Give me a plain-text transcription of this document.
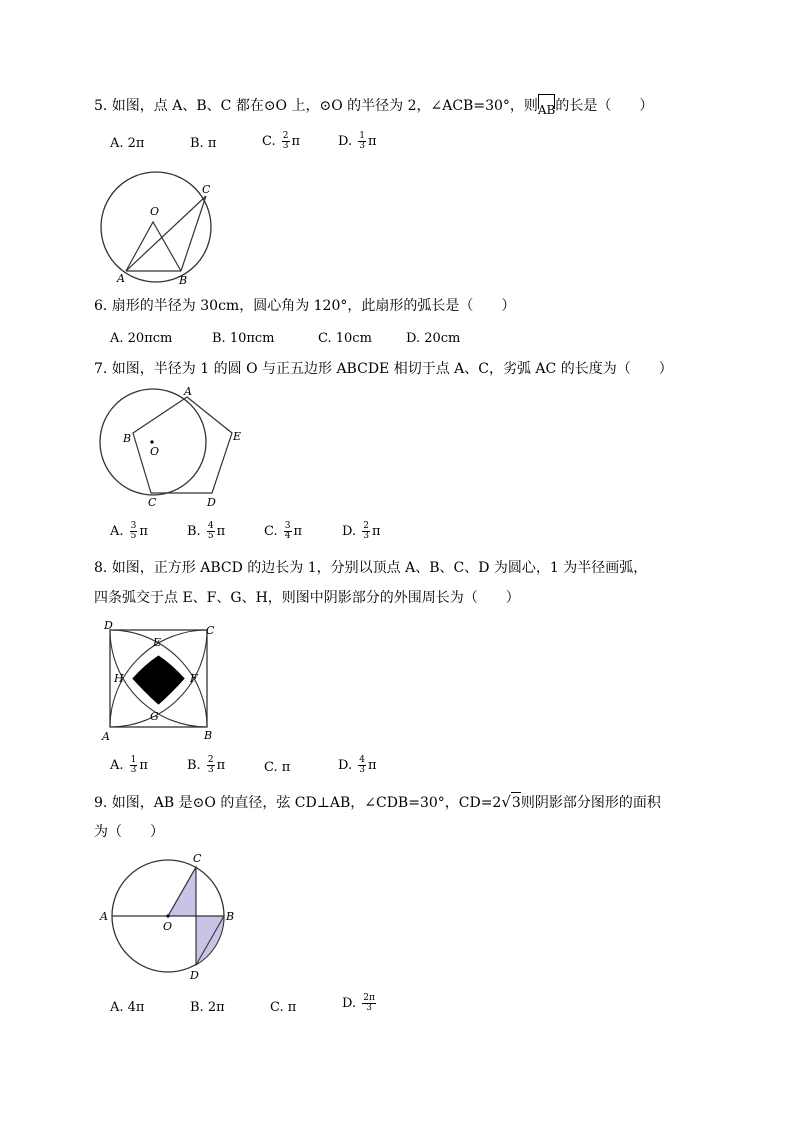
5. 如图，点 A、B、C 都在⊙O 上，⊙O 的半径为 2，∠ACB=30°，则AB的长是（　　）
A. 2π	B. π	C. $\frac{2}{3}$ π	D. $\frac{1}{3}$ π
O
A	B
C
6. 扇形的半径为 30cm，圆心角为 120°，此扇形的弧长是（　　）
A. 20πcm	B. 10πcm	C. 10cm	D. 20cm
7. 如图，半径为 1 的圆 O 与正五边形 ABCDE 相切于点 A、C，劣弧 AC 的长度为（　　）
A
B
O
E
C	D
A. $\frac{3}{5}$ π	B. $\frac{4}{5}$ π	C. $\frac{3}{4}$ π	D. $\frac{2}{3}$ π
8. 如图，正方形 ABCD 的边长为 1，分别以顶点 A、B、C、D 为圆心，1 为半径画弧，
四条弧交于点 E、F、G、H，则图中阴影部分的外围周长为（　　）
D	C
E
H	F
G
A	B
A. $\frac{1}{3}$ π	B. $\frac{2}{3}$ π	C. π	D. $\frac{4}{3}$ π
9. 如图，AB 是⊙O 的直径，弦 CD⊥AB，∠CDB=30°，CD=2√3则阴影部分图形的面积
为（　　）
A
O
B
C
D
A. 4π	B. 2π	C. π	D. $\frac{2\pi}{3}$
